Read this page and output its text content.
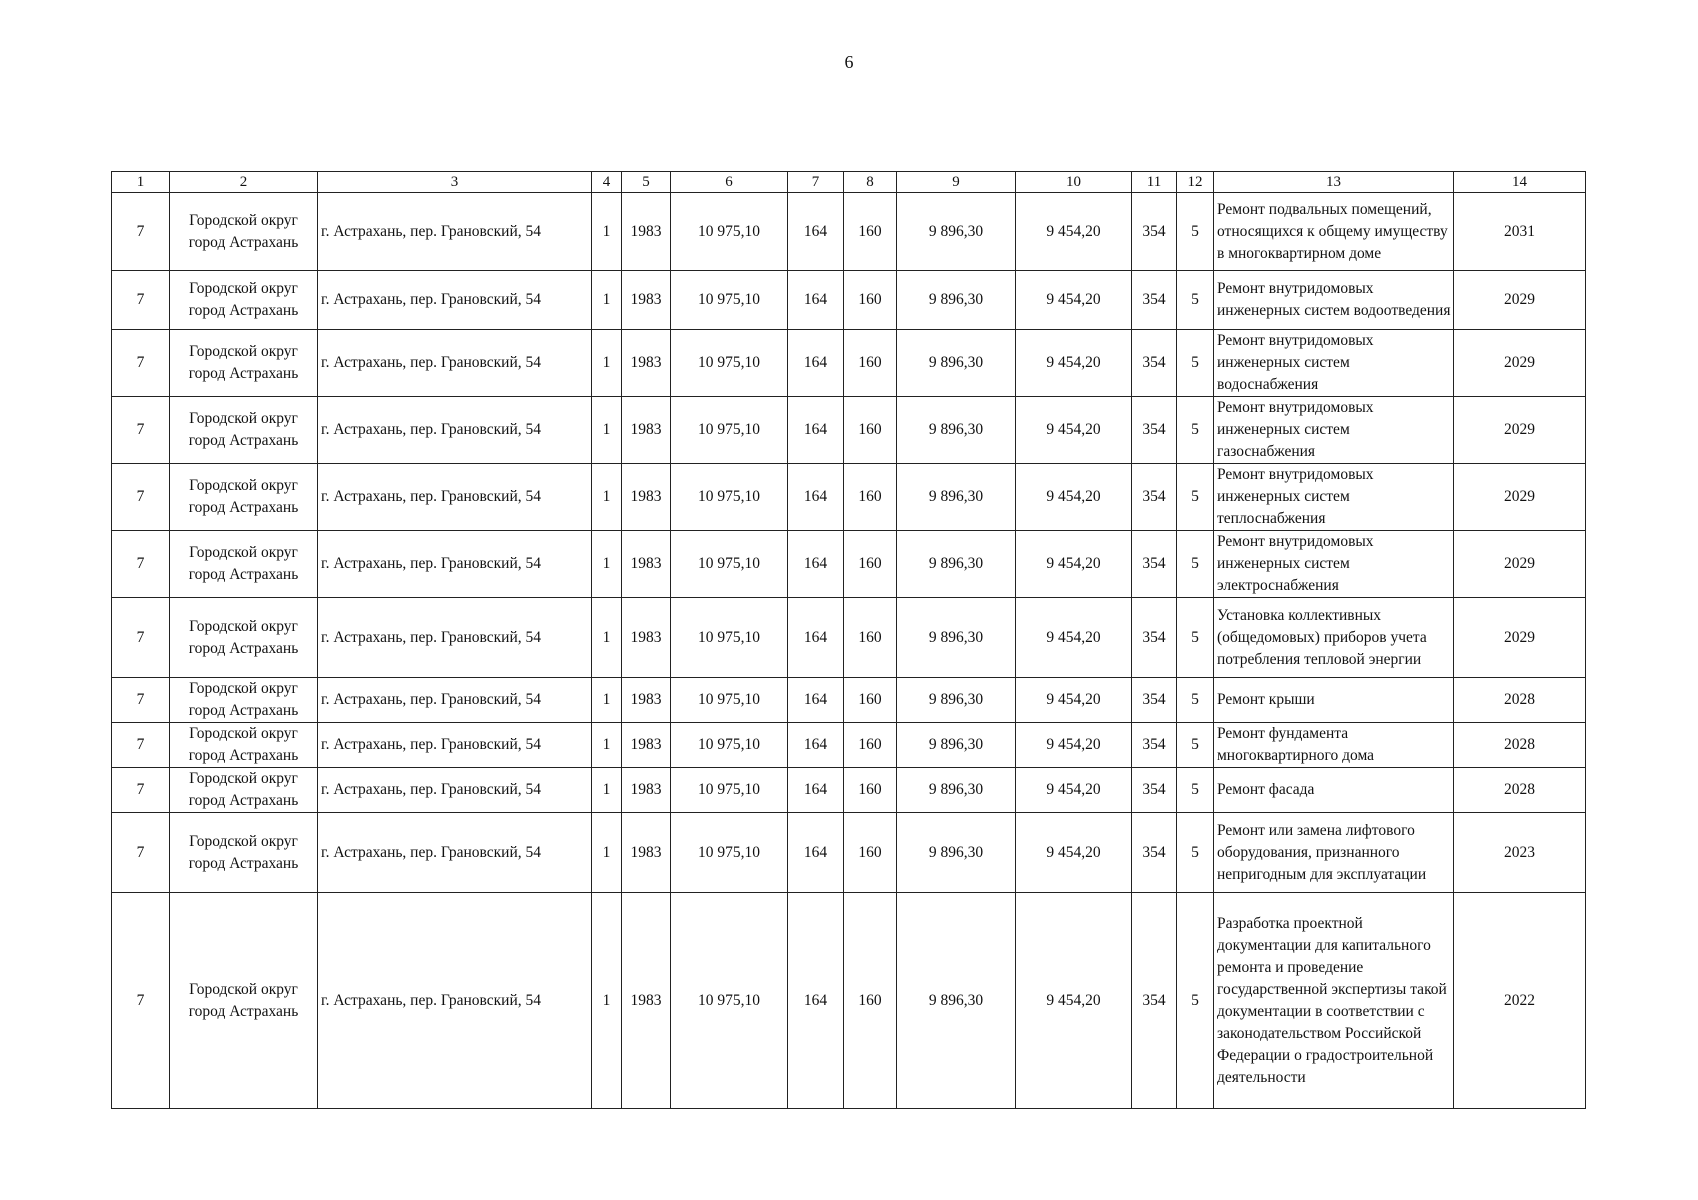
6
1	2	3	4	5	6	7	8	9	10	11	12	13	14
7	Городской округ город Астрахань	г. Астрахань, пер. Грановский, 54	1	1983	10 975,10	164	160	9 896,30	9 454,20	354	5	Ремонт подвальных помещений, относящихся к общему имуществу в многоквартирном доме	2031
7	Городской округ город Астрахань	г. Астрахань, пер. Грановский, 54	1	1983	10 975,10	164	160	9 896,30	9 454,20	354	5	Ремонт внутридомовых инженерных систем водоотведения	2029
7	Городской округ город Астрахань	г. Астрахань, пер. Грановский, 54	1	1983	10 975,10	164	160	9 896,30	9 454,20	354	5	Ремонт внутридомовых инженерных систем водоснабжения	2029
7	Городской округ город Астрахань	г. Астрахань, пер. Грановский, 54	1	1983	10 975,10	164	160	9 896,30	9 454,20	354	5	Ремонт внутридомовых инженерных систем газоснабжения	2029
7	Городской округ город Астрахань	г. Астрахань, пер. Грановский, 54	1	1983	10 975,10	164	160	9 896,30	9 454,20	354	5	Ремонт внутридомовых инженерных систем теплоснабжения	2029
7	Городской округ город Астрахань	г. Астрахань, пер. Грановский, 54	1	1983	10 975,10	164	160	9 896,30	9 454,20	354	5	Ремонт внутридомовых инженерных систем электроснабжения	2029
7	Городской округ город Астрахань	г. Астрахань, пер. Грановский, 54	1	1983	10 975,10	164	160	9 896,30	9 454,20	354	5	Установка коллективных (общедомовых) приборов учета потребления тепловой энергии	2029
7	Городской округ город Астрахань	г. Астрахань, пер. Грановский, 54	1	1983	10 975,10	164	160	9 896,30	9 454,20	354	5	Ремонт крыши	2028
7	Городской округ город Астрахань	г. Астрахань, пер. Грановский, 54	1	1983	10 975,10	164	160	9 896,30	9 454,20	354	5	Ремонт фундамента многоквартирного дома	2028
7	Городской округ город Астрахань	г. Астрахань, пер. Грановский, 54	1	1983	10 975,10	164	160	9 896,30	9 454,20	354	5	Ремонт фасада	2028
7	Городской округ город Астрахань	г. Астрахань, пер. Грановский, 54	1	1983	10 975,10	164	160	9 896,30	9 454,20	354	5	Ремонт или замена лифтового оборудования, признанного непригодным для эксплуатации	2023
7	Городской округ город Астрахань	г. Астрахань, пер. Грановский, 54	1	1983	10 975,10	164	160	9 896,30	9 454,20	354	5	Разработка проектной документации для капитального ремонта и проведение государственной экспертизы такой документации в соответствии с законодательством Российской Федерации о градостроительной деятельности	2022
